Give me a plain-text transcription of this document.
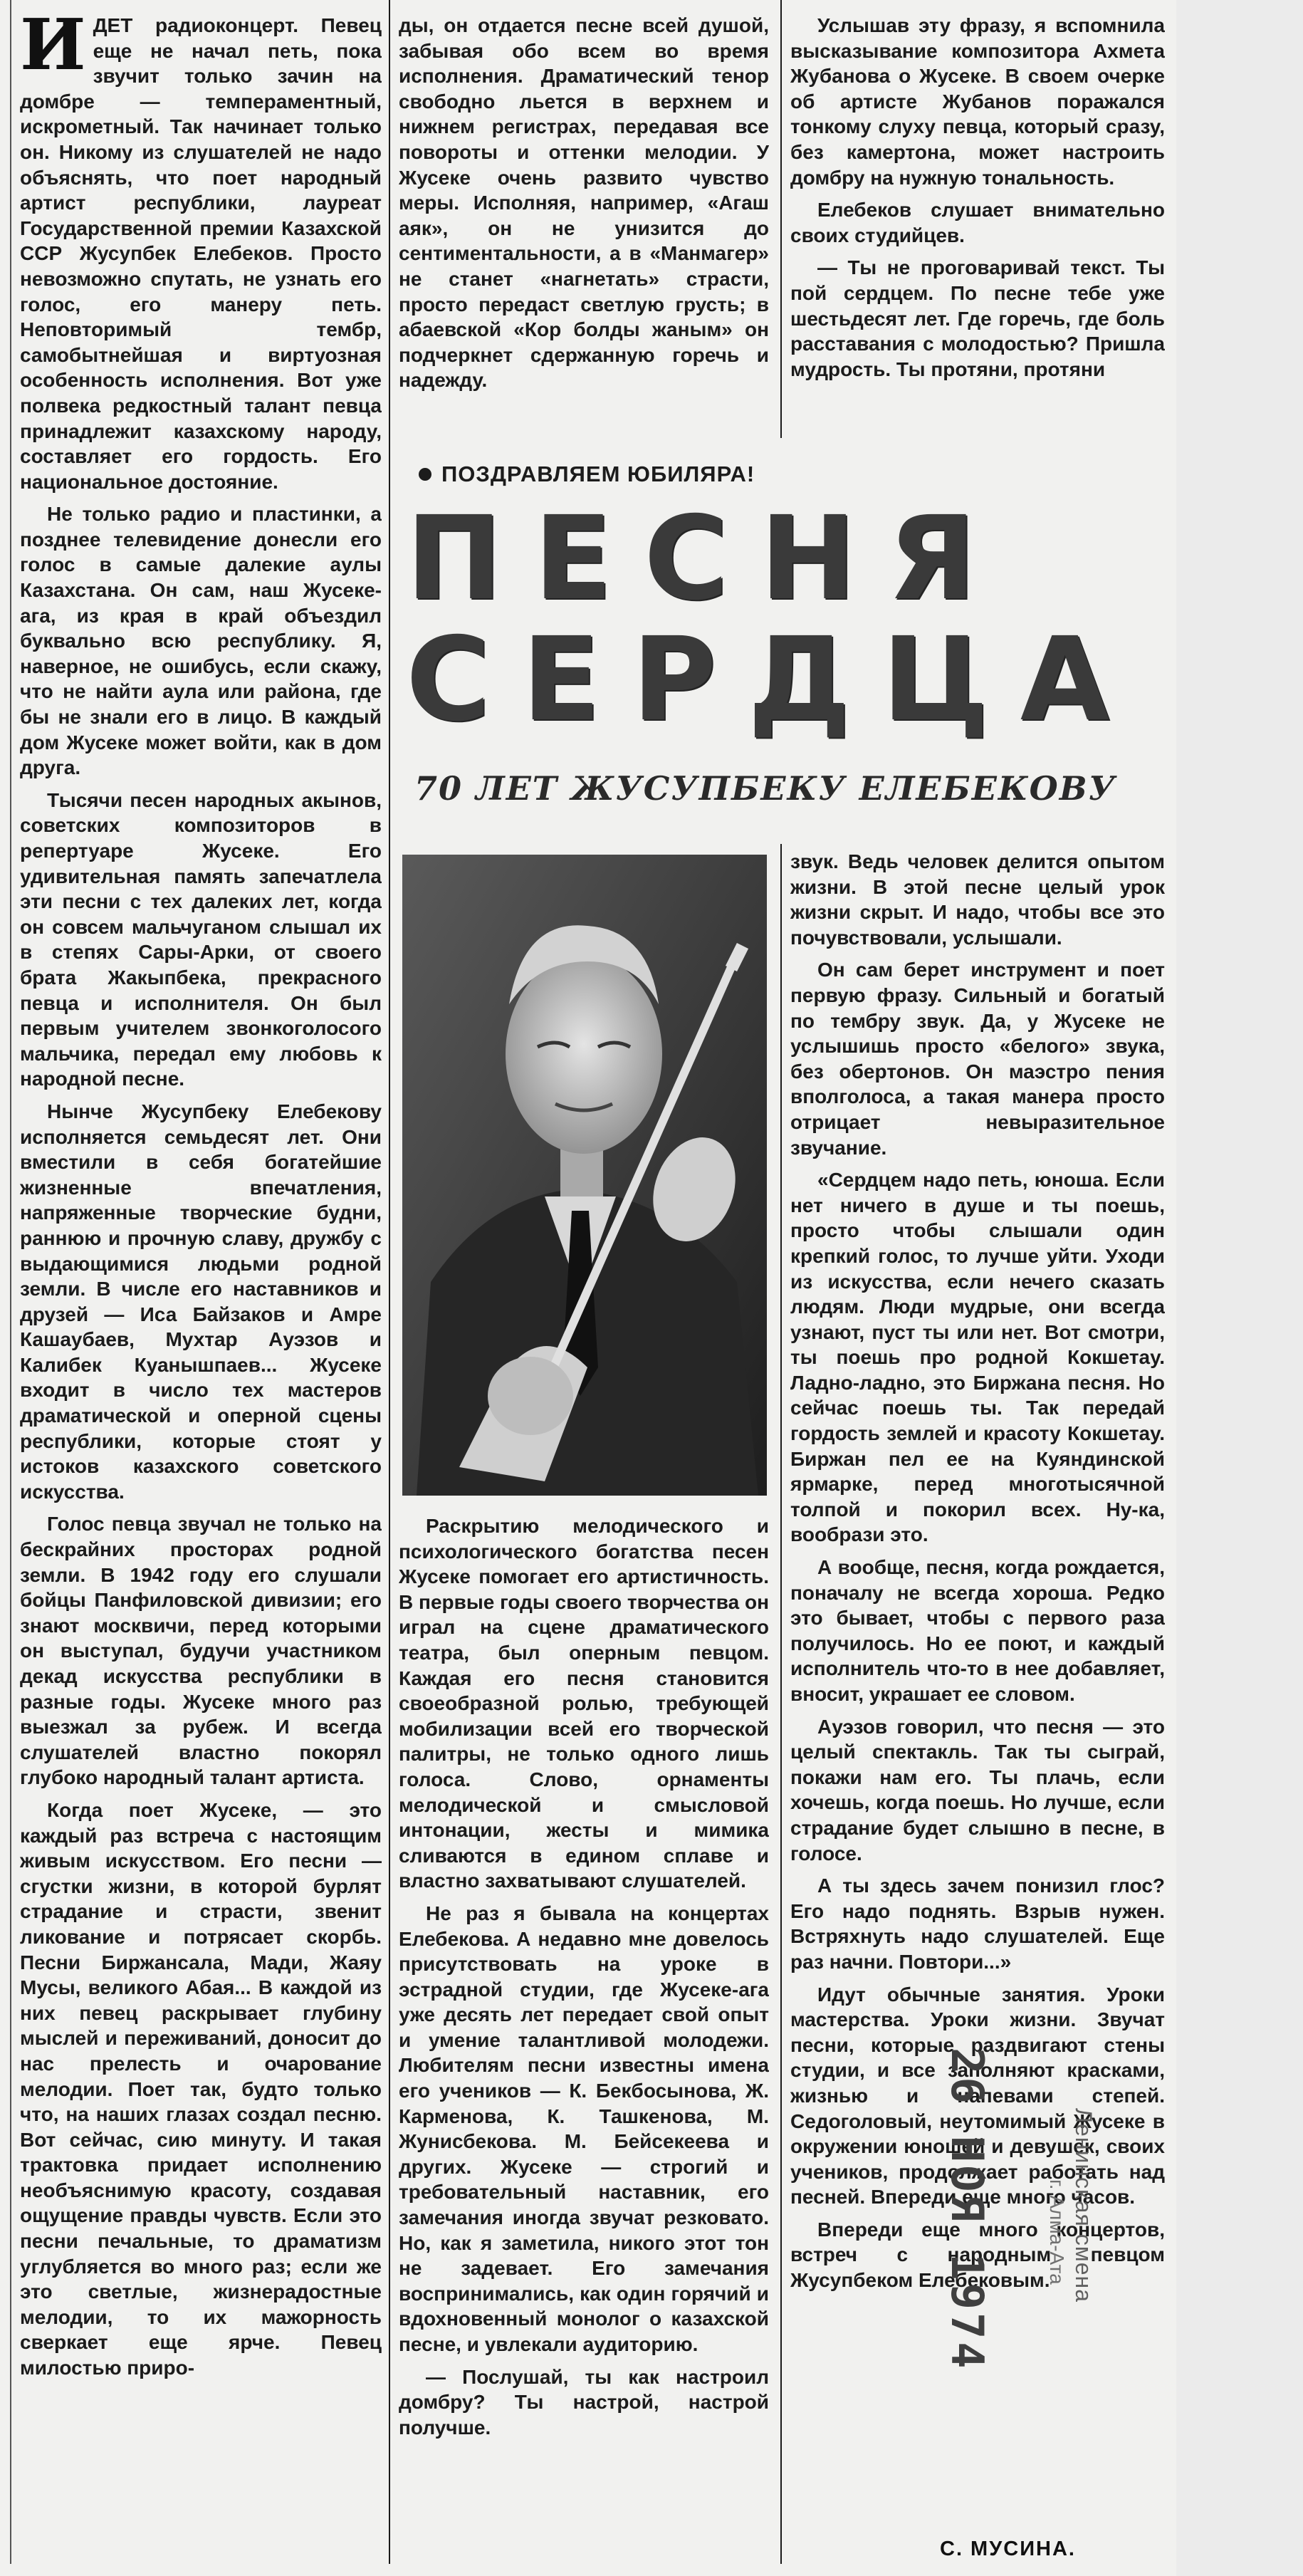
ИДЕТ радиоконцерт. Певец еще не начал петь, пока звучит только зачин на домбре — темпераментный, искрометный. Так начинает только он. Никому из слушателей не надо объяснять, что поет народный артист республики, лауреат Государственной премии Казахской ССР Жусупбек Елебеков. Просто невозможно спутать, не узнать его голос, его манеру петь. Неповторимый тембр, самобытнейшая и виртуозная особенность исполнения. Вот уже полвека редкостный талант певца принадлежит казахскому народу, составляет его гордость. Его национальное достояние.

Не только радио и пластинки, а позднее телевидение донесли его голос в самые далекие аулы Казахстана. Он сам, наш Жусеке-ага, из края в край объездил буквально всю республику. Я, наверное, не ошибусь, если скажу, что не найти аула или района, где бы не знали его в лицо. В каждый дом Жусеке может войти, как в дом друга.

Тысячи песен народных акынов, советских композиторов в репертуаре Жусеке. Его удивительная память запечатлела эти песни с тех далеких лет, когда он совсем мальчуганом слышал их в степях Сары-Арки, от своего брата Жакыпбека, прекрасного певца и исполнителя. Он был первым учителем звонкоголосого мальчика, передал ему любовь к народной песне.

Нынче Жусупбеку Елебекову исполняется семьдесят лет. Они вместили в себя богатейшие жизненные впечатления, напряженные творческие будни, раннюю и прочную славу, дружбу с выдающимися людьми родной земли. В числе его наставников и друзей — Иса Байзаков и Амре Кашаубаев, Мухтар Ауэзов и Калибек Куанышпаев... Жусеке входит в число тех мастеров драматической и оперной сцены республики, которые стоят у истоков казахского советского искусства.

Голос певца звучал не только на бескрайних просторах родной земли. В 1942 году его слушали бойцы Панфиловской дивизии; его знают москвичи, перед которыми он выступал, будучи участником декад искусства республики в разные годы. Жусеке много раз выезжал за рубеж. И всегда слушателей властно покорял глубоко народный талант артиста.

Когда поет Жусеке, — это каждый раз встреча с настоящим живым искусством. Его песни — сгустки жизни, в которой бурлят страдание и страсти, звенит ликование и потрясает скорбь. Песни Биржансала, Мади, Жаяу Мусы, великого Абая... В каждой из них певец раскрывает глубину мыслей и переживаний, доносит до нас прелесть и очарование мелодии. Поет так, будто только что, на наших глазах создал песню. Вот сейчас, сию минуту. И такая трактовка придает исполнению необъяснимую красоту, создавая ощущение правды чувств. Если это песни печальные, то драматизм углубляется во много раз; если же это светлые, жизнерадостные мелодии, то их мажорность сверкает еще ярче. Певец милостью приро-

ды, он отдается песне всей душой, забывая обо всем во время исполнения. Драматический тенор свободно льется в верхнем и нижнем регистрах, передавая все повороты и оттенки мелодии. У Жусеке очень развито чувство меры. Исполняя, например, «Агаш аяк», он не унизится до сентиментальности, а в «Манмагер» не станет «нагнетать» страсти, просто передаст светлую грусть; в абаевской «Кор болды жаным» он подчеркнет сдержанную горечь и надежду.

Услышав эту фразу, я вспомнила высказывание композитора Ахмета Жубанова о Жусеке. В своем очерке об артисте Жубанов поражался тонкому слуху певца, который сразу, без камертона, может настроить домбру на нужную тональность.

Елебеков слушает внимательно своих студийцев.

— Ты не проговаривай текст. Ты пой сердцем. По песне тебе уже шестьдесят лет. Где горечь, где боль расставания с молодостью? Пришла мудрость. Ты протяни, протяни

ПОЗДРАВЛЯЕМ ЮБИЛЯРА!
ПЕСНЯ
СЕРДЦА
70 ЛЕТ ЖУСУПБЕКУ ЕЛЕБЕКОВУ

Раскрытию мелодического и психологического богатства песен Жусеке помогает его артистичность. В первые годы своего творчества он играл на сцене драматического театра, был оперным певцом. Каждая его песня становится своеобразной ролью, требующей мобилизации всей его творческой палитры, не только одного лишь голоса. Слово, орнаменты мелодической и смысловой интонации, жесты и мимика сливаются в едином сплаве и властно захватывают слушателей.

Не раз я бывала на концертах Елебекова. А недавно мне довелось присутствовать на уроке в эстрадной студии, где Жусеке-ага уже десять лет передает свой опыт и умение талантливой молодежи. Любителям песни известны имена его учеников — К. Бекбосынова, Ж. Карменова, К. Ташкенова, М. Жунисбекова. М. Бейсекеева и других. Жусеке — строгий и требовательный наставник, его замечания иногда звучат резковато. Но, как я заметила, никого этот тон не задевает. Его замечания воспринимались, как один горячий и вдохновенный монолог о казахской песне, и увлекали аудиторию.

— Послушай, ты как настроил домбру? Ты настрой, настрой получше.

звук. Ведь человек делится опытом жизни. В этой песне целый урок жизни скрыт. И надо, чтобы все это почувствовали, услышали.

Он сам берет инструмент и поет первую фразу. Сильный и богатый по тембру звук. Да, у Жусеке не услышишь просто «белого» звука, без обертонов. Он маэстро пения вполголоса, а такая манера просто отрицает невыразительное звучание.

«Сердцем надо петь, юноша. Если нет ничего в душе и ты поешь, просто чтобы слышали один крепкий голос, то лучше уйти. Уходи из искусства, если нечего сказать людям. Люди мудрые, они всегда узнают, пуст ты или нет. Вот смотри, ты поешь про родной Кокшетау. Ладно-ладно, это Биржана песня. Но сейчас поешь ты. Так передай гордость землей и красоту Кокшетау. Биржан пел ее на Куяндинской ярмарке, перед многотысячной толпой и покорил всех. Ну-ка, вообрази это.

А вообще, песня, когда рождается, поначалу не всегда хороша. Редко это бывает, чтобы с первого раза получилось. Но ее поют, и каждый исполнитель что-то в нее добавляет, вносит, украшает ее словом.

Ауэзов говорил, что песня — это целый спектакль. Так ты сыграй, покажи нам его. Ты плачь, если хочешь, когда поешь. Но лучше, если страдание будет слышно в песне, в голосе.

А ты здесь зачем понизил глос? Его надо поднять. Взрыв нужен. Встряхнуть надо слушателей. Еще раз начни. Повтори...»

Идут обычные занятия. Уроки мастерства. Уроки жизни. Звучат песни, которые раздвигают стены студии, и все заполняют красками, жизнью и напевами степей. Седоголовый, неутомимый Жусеке в окружении юношей и девушек, своих учеников, продолжает работать над песней. Впереди еще много часов.

Впереди еще много концертов, встреч с народным певцом Жусупбеком Елебековым.

С. МУСИНА.
26 НОЯ 1974	Ленинская смена
г. Алма-Ата
